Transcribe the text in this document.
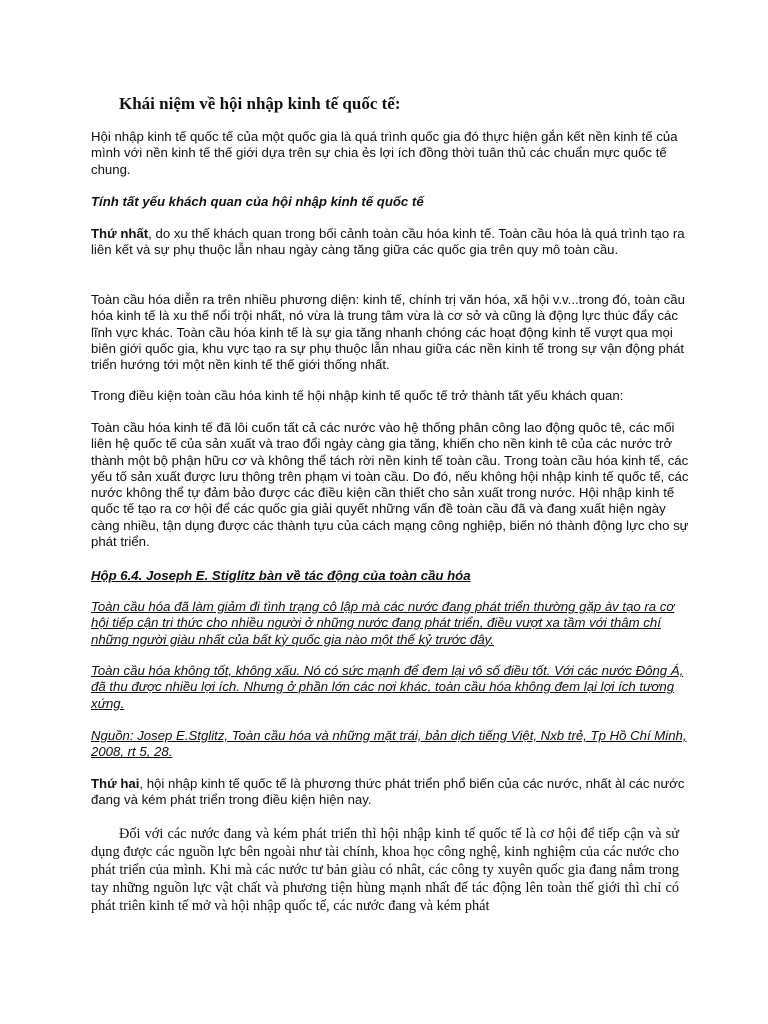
Khái niệm về hội nhập kinh tế quốc tế:

Hội nhập kinh tế quốc tế của một quốc gia là quá trình quốc gia đó thực hiện gắn kết nền kinh tế của mình với nền kinh tế thế giới dựa trên sự chia ẻs lợi ích đồng thời tuân thủ các chuẩn mực quốc tế chung.

Tính tất yếu khách quan của hội nhập kinh tế quốc tế

Thứ nhất, do xu thế khách quan trong bối cảnh toàn cầu hóa kinh tế. Toàn cầu hóa là quá trình tạo ra liên kết và sự phụ thuộc lẫn nhau ngày càng tăng giữa các quốc gia trên quy mô toàn cầu.

Toàn cầu hóa diễn ra trên nhiều phương diện: kinh tế, chính trị văn hóa, xã hội v.v...trong đó, toàn cầu hóa kinh tế là xu thế nổi trội nhất, nó vừa là trung tâm vừa là cơ sở và cũng là động lực thúc đẩy các lĩnh vực khác. Toàn cầu hóa kinh tế là sự gia tăng nhanh chóng các hoạt động kinh tế vượt qua mọi biên giới quốc gia, khu vực tạo ra sự phụ thuộc lẫn nhau giữa các nền kinh tế trong sự vận động phát triển hướng tới một nền kinh tế thế giới thống nhất.

Trong điều kiện toàn cầu hóa kinh tế hội nhập kinh tế quốc tế trở thành tất yếu khách quan:

Toàn cầu hóa kinh tế đã lôi cuốn tất cả các nước vào hệ thống phân công lao động quôc tê, các mối liên hệ quốc tế của sản xuất và trao đổi ngày càng gia tăng, khiến cho nền kinh tê của các nước trở thành một bộ phận hữu cơ và không thể tách rời nền kinh tế toàn cầu. Trong toàn cầu hóa kinh tế, các yếu tố sản xuất được lưu thông trên phạm vi toàn cầu. Do đó, nếu không hội nhập kinh tế quốc tế, các nước không thể tự đảm bảo được các điều kiện cần thiết cho sản xuất trong nước. Hội nhập kinh tế quốc tế tạo ra cơ hội để các quốc gia giải quyết những vấn đề toàn cầu đã và đang xuất hiện ngày càng nhiều, tận dụng được các thành tựu của cách mạng công nghiệp, biến nó thành động lực cho sự phát triển.

Hộp 6.4. Joseph E. Stiglitz bàn về tác động của toàn cầu hóa

Toàn cầu hóa đã làm giảm đi tình trạng cô lập mà các nước đang phát triển thường gặp àv tạo ra cơ hội tiếp cận tri thức cho nhiều người ở những nước đang phát triển, điều vượt xa tầm với thâm chí những người giàu nhất của bất kỳ quốc gia nào một thế kỷ trước đây.

Toàn cầu hóa không tốt, không xấu. Nó có sức mạnh để đem lại vô số điều tốt. Với các nước Đông Á, đã thu được nhiều lợi ích. Nhưng ở phần lớn các nơi khác, toàn cầu hóa không đem lại lợi ích tương xứng.

Nguồn: Josep E.Stglitz, Toàn cầu hóa và những mặt trái, bản dịch tiếng Việt, Nxb trẻ, Tp Hồ Chí Minh, 2008, rt 5, 28.

Thứ hai, hội nhập kinh tế quốc tế là phương thức phát triển phổ biến của các nước, nhất àl các nước đang và kém phát triển trong điều kiện hiện nay.

Đối với các nước đang và kém phát triển thì hội nhập kinh tế quốc tế là cơ hội để tiếp cận và sử dụng được các nguồn lực bên ngoài như tài chính, khoa học công nghệ, kinh nghiệm của các nước cho phát triển của mình. Khi mà các nước tư bản giàu có nhât, các công ty xuyên quốc gia đang nắm trong tay những nguồn lực vật chất và phương tiện hùng mạnh nhất để tác động lên toàn thế giới thì chỉ có phát triên kinh tế mở và hội nhập quốc tế, các nước đang và kém phát
